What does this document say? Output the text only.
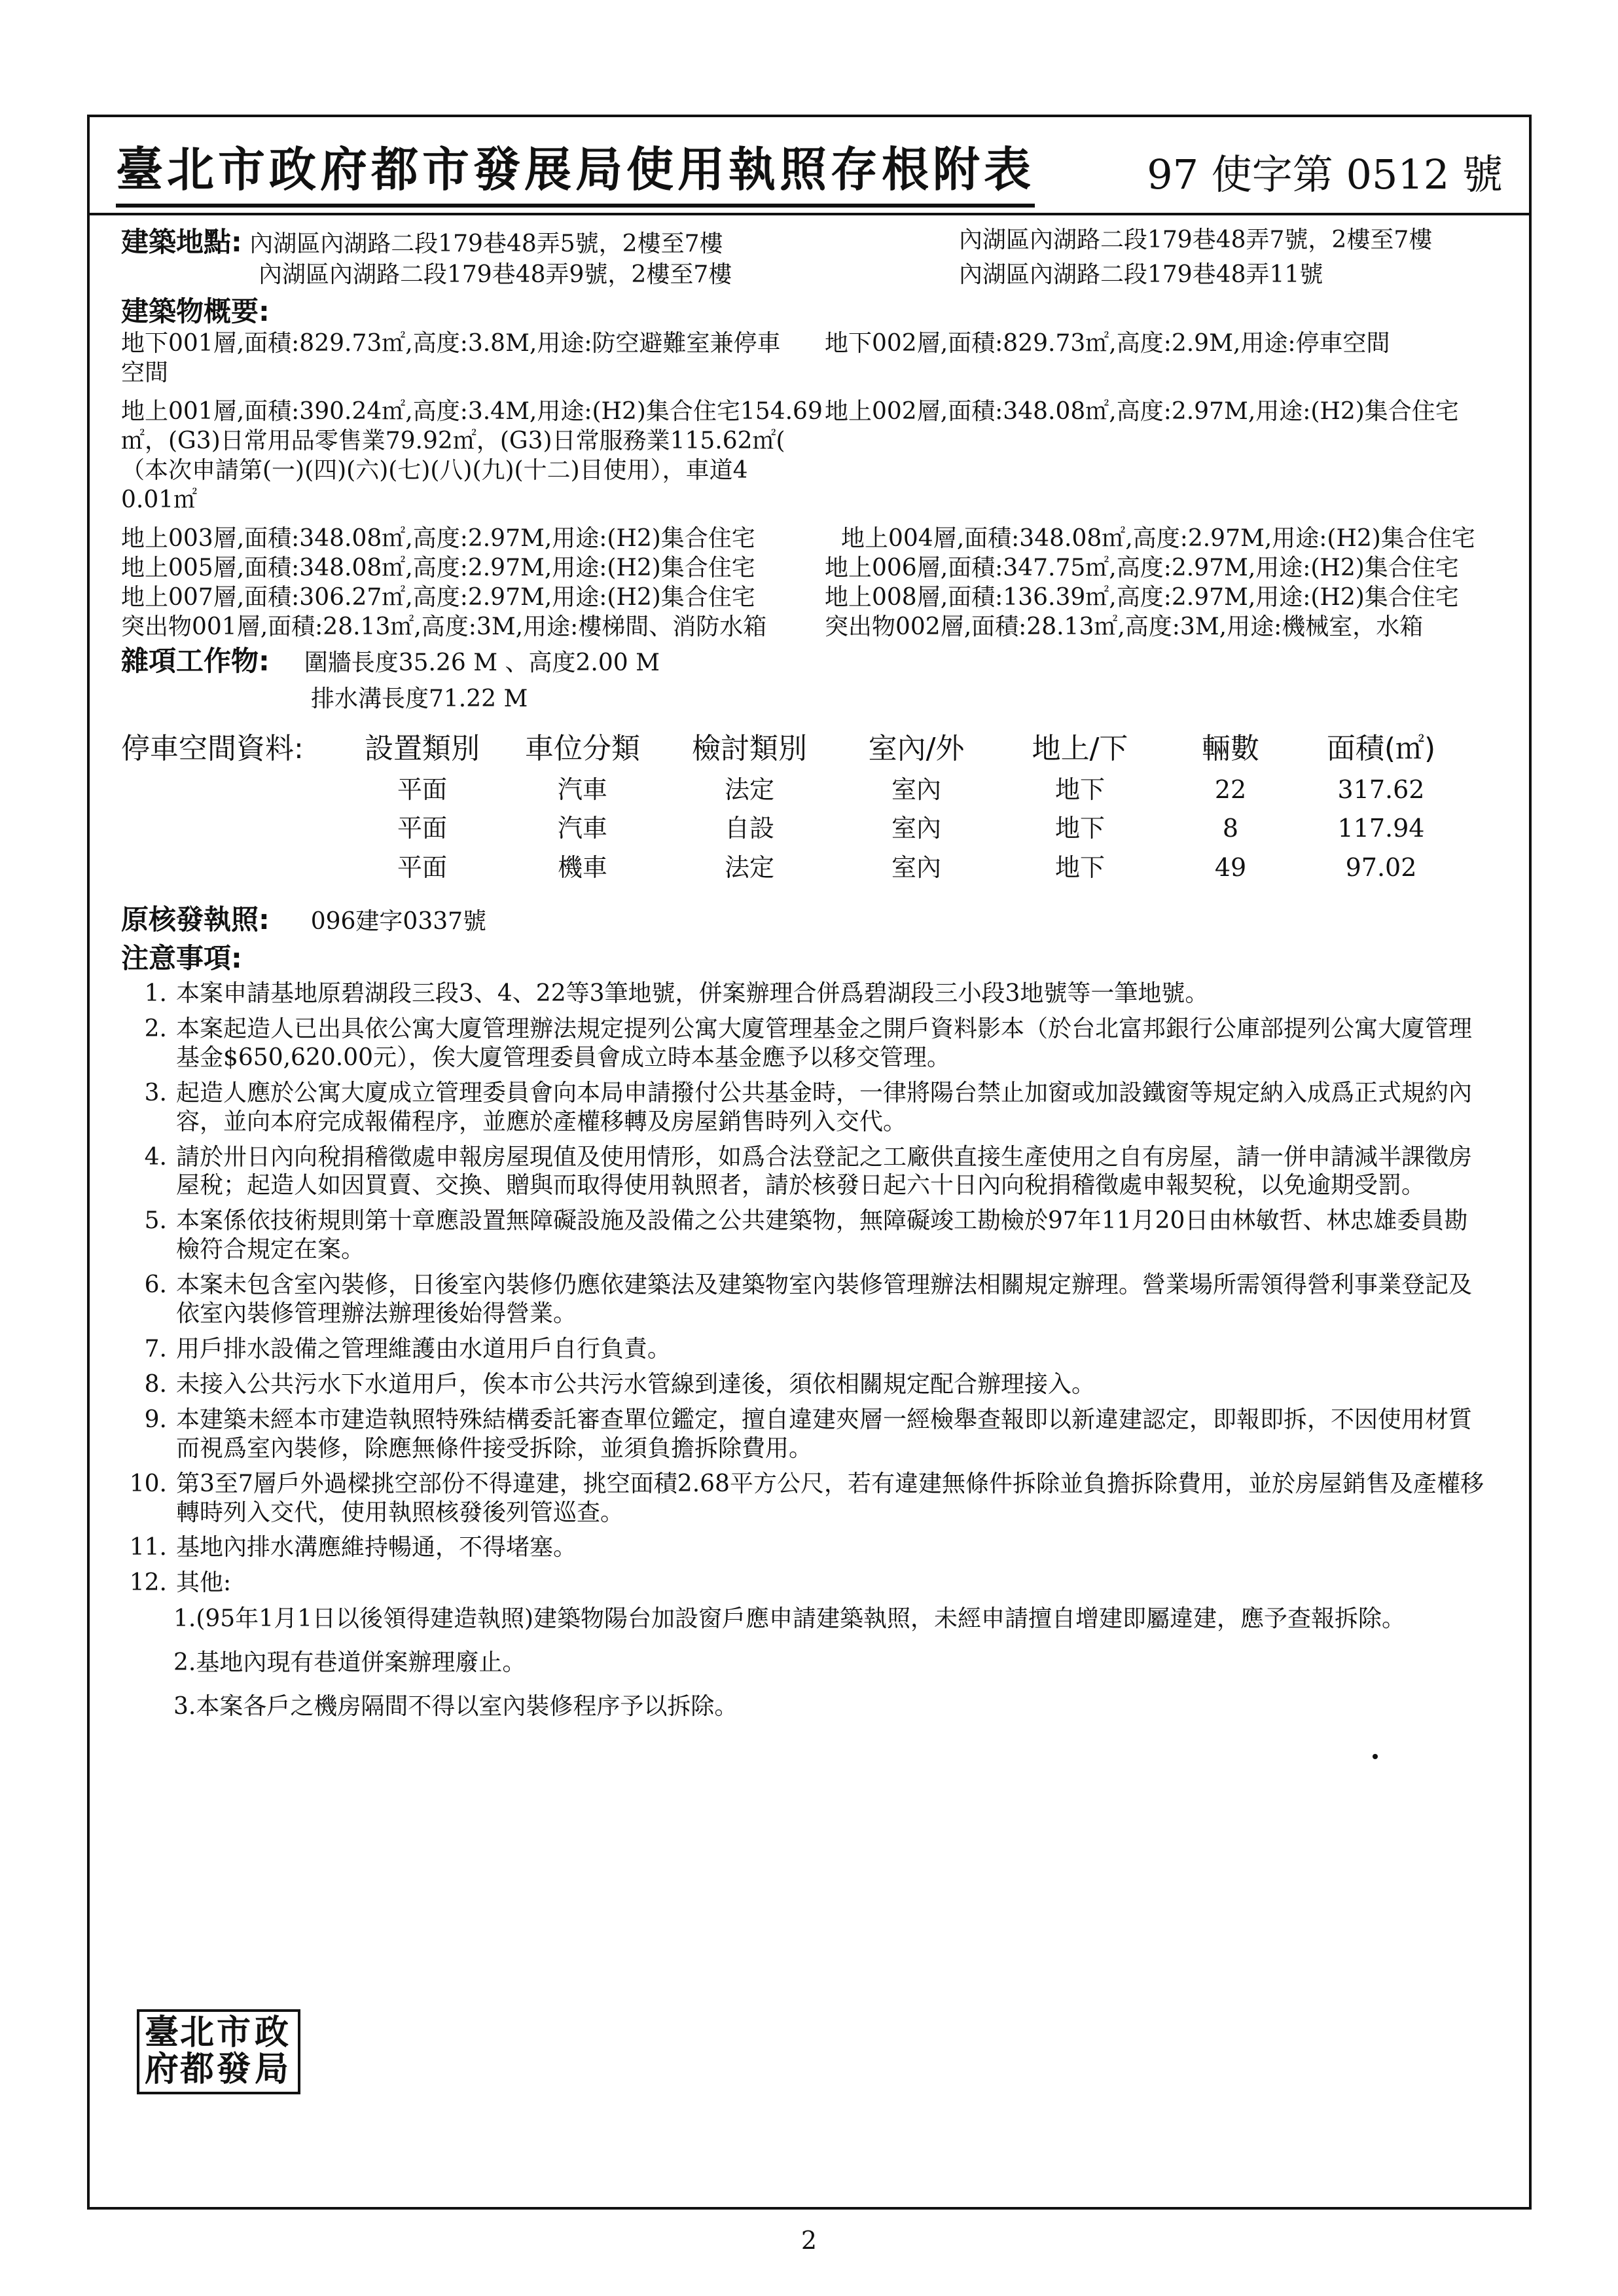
臺北市政府都市發展局使用執照存根附表	97 使字第 0512 號
建築地點: 內湖區內湖路二段179巷48弄5號，2樓至7樓	內湖區內湖路二段179巷48弄7號，2樓至7樓
內湖區內湖路二段179巷48弄9號，2樓至7樓	內湖區內湖路二段179巷48弄11號
建築物概要:
地下001層,面積:829.73㎡,高度:3.8M,用途:防空避難室兼停車	地下002層,面積:829.73㎡,高度:2.9M,用途:停車空間
空間
地上001層,面積:390.24㎡,高度:3.4M,用途:(H2)集合住宅154.69 地上002層,面積:348.08㎡,高度:2.97M,用途:(H2)集合住宅
㎡，(G3)日常用品零售業79.92㎡，(G3)日常服務業115.62㎡(
（本次申請第(一)(四)(六)(七)(八)(九)(十二)目使用），車道4
0.01㎡
地上003層,面積:348.08㎡,高度:2.97M,用途:(H2)集合住宅	地上004層,面積:348.08㎡,高度:2.97M,用途:(H2)集合住宅
地上005層,面積:348.08㎡,高度:2.97M,用途:(H2)集合住宅	地上006層,面積:347.75㎡,高度:2.97M,用途:(H2)集合住宅
地上007層,面積:306.27㎡,高度:2.97M,用途:(H2)集合住宅	地上008層,面積:136.39㎡,高度:2.97M,用途:(H2)集合住宅
突出物001層,面積:28.13㎡,高度:3M,用途:樓梯間、消防水箱	突出物002層,面積:28.13㎡,高度:3M,用途:機械室，水箱
雜項工作物: 圍牆長度35.26 M 、高度2.00 M
排水溝長度71.22 M
停車空間資料:	設置類別	車位分類	檢討類別	室內/外	地上/下	輛數	面積(㎡)
	平面	汽車	法定	室內	地下	22	317.62
	平面	汽車	自設	室內	地下	8	117.94
	平面	機車	法定	室內	地下	49	97.02
原核發執照: 096建字0337號
注意事項:
1. 本案申請基地原碧湖段三段3、4、22等3筆地號，併案辦理合併爲碧湖段三小段3地號等一筆地號。
2. 本案起造人已出具依公寓大廈管理辦法規定提列公寓大廈管理基金之開戶資料影本（於台北富邦銀行公庫部提列公寓大廈管理基金$650,620.00元），俟大廈管理委員會成立時本基金應予以移交管理。
3. 起造人應於公寓大廈成立管理委員會向本局申請撥付公共基金時，一律將陽台禁止加窗或加設鐵窗等規定納入成爲正式規約內容，並向本府完成報備程序，並應於產權移轉及房屋銷售時列入交代。
4. 請於卅日內向稅捐稽徵處申報房屋現值及使用情形，如爲合法登記之工廠供直接生產使用之自有房屋，請一併申請減半課徵房屋稅；起造人如因買賣、交換、贈與而取得使用執照者，請於核發日起六十日內向稅捐稽徵處申報契稅，以免逾期受罰。
5. 本案係依技術規則第十章應設置無障礙設施及設備之公共建築物，無障礙竣工勘檢於97年11月20日由林敏哲、林忠雄委員勘檢符合規定在案。
6. 本案未包含室內裝修，日後室內裝修仍應依建築法及建築物室內裝修管理辦法相關規定辦理。營業場所需領得營利事業登記及依室內裝修管理辦法辦理後始得營業。
7. 用戶排水設備之管理維護由水道用戶自行負責。
8. 未接入公共污水下水道用戶，俟本市公共污水管線到達後，須依相關規定配合辦理接入。
9. 本建築未經本市建造執照特殊結構委託審查單位鑑定，擅自違建夾層一經檢舉查報即以新違建認定，即報即拆，不因使用材質而視爲室內裝修，除應無條件接受拆除，並須負擔拆除費用。
10. 第3至7層戶外過樑挑空部份不得違建，挑空面積2.68平方公尺，若有違建無條件拆除並負擔拆除費用，並於房屋銷售及產權移轉時列入交代，使用執照核發後列管巡查。
11. 基地內排水溝應維持暢通，不得堵塞。
12. 其他:
1.(95年1月1日以後領得建造執照)建築物陽台加設窗戶應申請建築執照，未經申請擅自增建即屬違建，應予查報拆除。
2.基地內現有巷道併案辦理廢止。
3.本案各戶之機房隔間不得以室內裝修程序予以拆除。
臺 北 市 政
府 都 發 局
2
